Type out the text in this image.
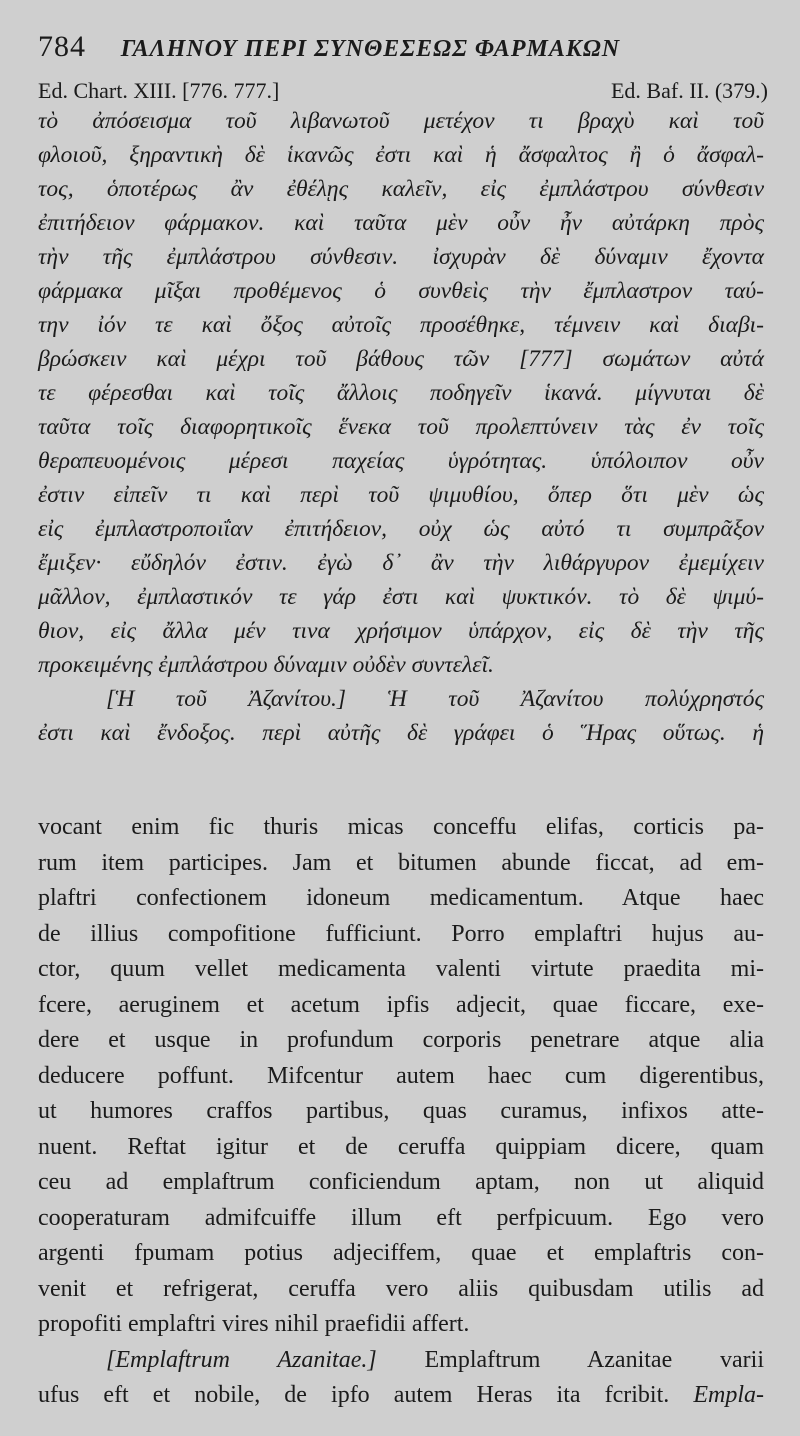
784 ΓΑΛΗΝΟΥ ΠΕΡΙ ΣΥΝΘΕΣΕΩΣ ΦΑΡΜΑΚΩΝ
Ed. Chart. XIII. [776. 777.]	Ed. Baf. II. (379.)
τὸ ἀπόσεισμα τοῦ λιβανωτοῦ μετέχον τι βραχὺ καὶ τοῦ
φλοιοῦ, ξηραντικὴ δὲ ἱκανῶς ἐστι καὶ ἡ ἄσφαλτος ἢ ὁ ἄσφαλ-
τος, ὁποτέρως ἂν ἐθέλῃς καλεῖν, εἰς ἐμπλάστρου σύνθεσιν
ἐπιτήδειον φάρμακον. καὶ ταῦτα μὲν οὖν ἦν αὐτάρκη πρὸς
τὴν τῆς ἐμπλάστρου σύνθεσιν. ἰσχυρὰν δὲ δύναμιν ἔχοντα
φάρμακα μῖξαι προθέμενος ὁ συνθεὶς τὴν ἔμπλαστρον ταύ-
την ἰόν τε καὶ ὄξος αὐτοῖς προσέθηκε, τέμνειν καὶ διαβι-
βρώσκειν καὶ μέχρι τοῦ βάθους τῶν [777] σωμάτων αὐτά
τε φέρεσθαι καὶ τοῖς ἄλλοις ποδηγεῖν ἱκανά. μίγνυται δὲ
ταῦτα τοῖς διαφορητικοῖς ἕνεκα τοῦ προλεπτύνειν τὰς ἐν τοῖς
θεραπευομένοις μέρεσι παχείας ὑγρότητας. ὑπόλοιπον οὖν
ἐστιν εἰπεῖν τι καὶ περὶ τοῦ ψιμυθίου, ὅπερ ὅτι μὲν ὡς
εἰς ἐμπλαστροποιΐαν ἐπιτήδειον, οὐχ ὡς αὐτό τι συμπρᾶξον
ἔμιξεν· εὔδηλόν ἐστιν. ἐγὼ δ᾽ ἂν τὴν λιθάργυρον ἐμεμίχειν
μᾶλλον, ἐμπλαστικόν τε γάρ ἐστι καὶ ψυκτικόν. τὸ δὲ ψιμύ-
θιον, εἰς ἄλλα μέν τινα χρήσιμον ὑπάρχον, εἰς δὲ τὴν τῆς
προκειμένης ἐμπλάστρου δύναμιν οὐδὲν συντελεῖ.
[Ἡ τοῦ Ἀζανίτου.] Ἡ τοῦ Ἀζανίτου πολύχρηστός
ἐστι καὶ ἔνδοξος. περὶ αὐτῆς δὲ γράφει ὁ Ἥρας οὕτως. ἡ
vocant enim fic thuris micas conceffu elifas, corticis pa-
rum item participes. Jam et bitumen abunde ficcat, ad em-
plaftri confectionem idoneum medicamentum. Atque haec
de illius compofitione fufficiunt. Porro emplaftri hujus au-
ctor, quum vellet medicamenta valenti virtute praedita mi-
fcere, aeruginem et acetum ipfis adjecit, quae ficcare, exe-
dere et usque in profundum corporis penetrare atque alia
deducere poffunt. Mifcentur autem haec cum digerentibus,
ut humores craffos partibus, quas curamus, infixos atte-
nuent. Reftat igitur et de ceruffa quippiam dicere, quam
ceu ad emplaftrum conficiendum aptam, non ut aliquid
cooperaturam admifcuiffe illum eft perfpicuum. Ego vero
argenti fpumam potius adjeciffem, quae et emplaftris con-
venit et refrigerat, ceruffa vero aliis quibusdam utilis ad
propofiti emplaftri vires nihil praefidii affert.
[Emplaftrum Azanitae.] Emplaftrum Azanitae varii
ufus eft et nobile, de ipfo autem Heras ita fcribit. Empla-
